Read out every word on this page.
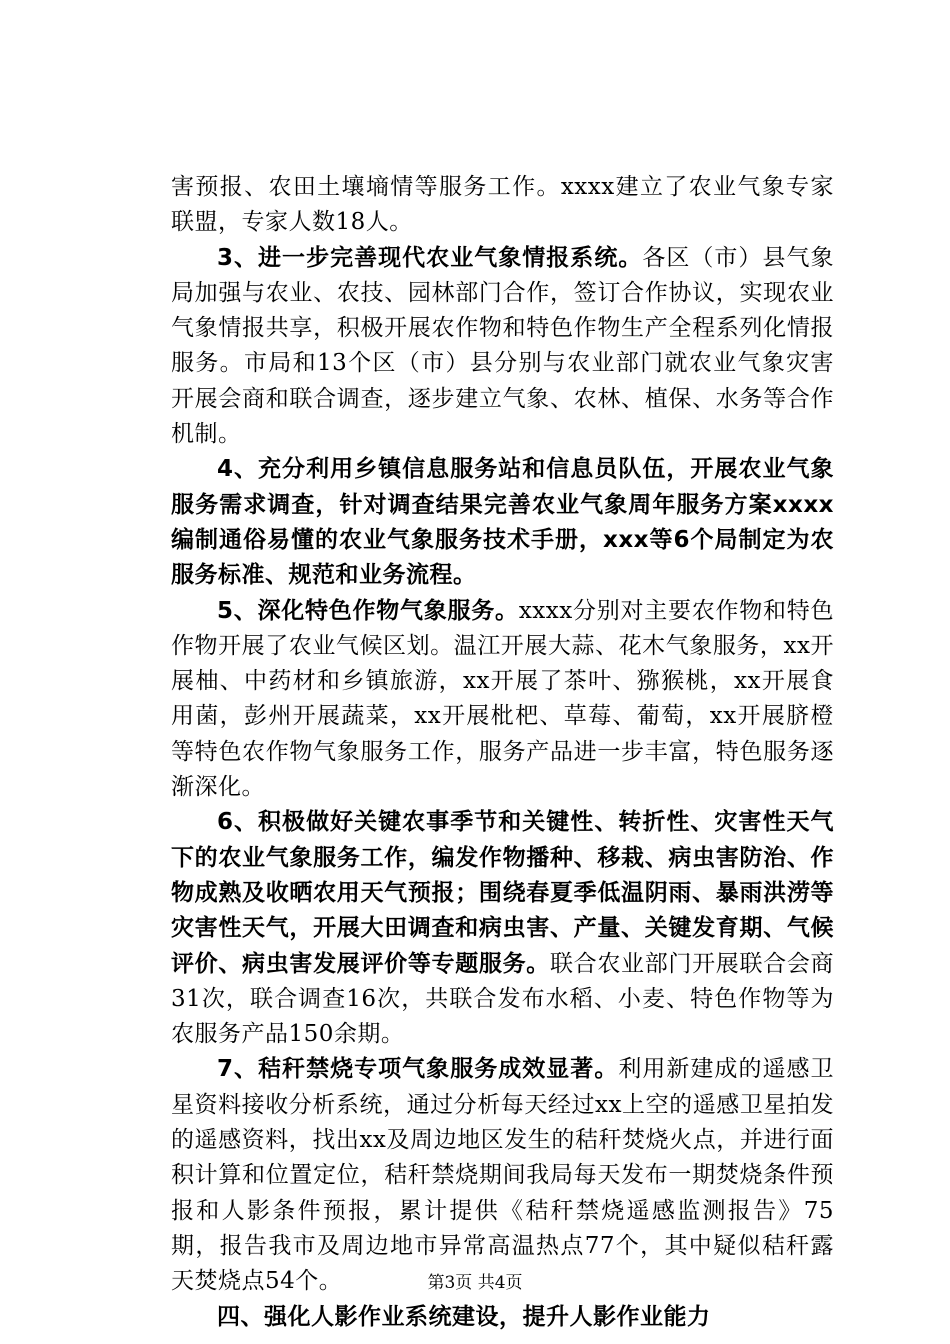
害预报、农田土壤墒情等服务工作。xxxx建立了农业气象专家联盟，专家人数18人。

3、进一步完善现代农业气象情报系统。各区（市）县气象局加强与农业、农技、园林部门合作，签订合作协议，实现农业气象情报共享，积极开展农作物和特色作物生产全程系列化情报服务。市局和13个区（市）县分别与农业部门就农业气象灾害开展会商和联合调查，逐步建立气象、农林、植保、水务等合作机制。

4、充分利用乡镇信息服务站和信息员队伍，开展农业气象服务需求调查，针对调查结果完善农业气象周年服务方案xxxx编制通俗易懂的农业气象服务技术手册，xxx等6个局制定为农服务标准、规范和业务流程。

5、深化特色作物气象服务。xxxx分别对主要农作物和特色作物开展了农业气候区划。温江开展大蒜、花木气象服务，xx开展柚、中药材和乡镇旅游，xx开展了茶叶、猕猴桃，xx开展食用菌，彭州开展蔬菜，xx开展枇杷、草莓、葡萄，xx开展脐橙等特色农作物气象服务工作，服务产品进一步丰富，特色服务逐渐深化。

6、积极做好关键农事季节和关键性、转折性、灾害性天气下的农业气象服务工作，编发作物播种、移栽、病虫害防治、作物成熟及收晒农用天气预报；围绕春夏季低温阴雨、暴雨洪涝等灾害性天气，开展大田调查和病虫害、产量、关键发育期、气候评价、病虫害发展评价等专题服务。联合农业部门开展联合会商31次，联合调查16次，共联合发布水稻、小麦、特色作物等为农服务产品150余期。

7、秸秆禁烧专项气象服务成效显著。利用新建成的遥感卫星资料接收分析系统，通过分析每天经过xx上空的遥感卫星拍发的遥感资料，找出xx及周边地区发生的秸秆焚烧火点，并进行面积计算和位置定位，秸秆禁烧期间我局每天发布一期焚烧条件预报和人影条件预报，累计提供《秸秆禁烧遥感监测报告》75期，报告我市及周边地市异常高温热点77个，其中疑似秸秆露天焚烧点54个。

四、强化人影作业系统建设，提升人影作业能力

第3页 共4页
